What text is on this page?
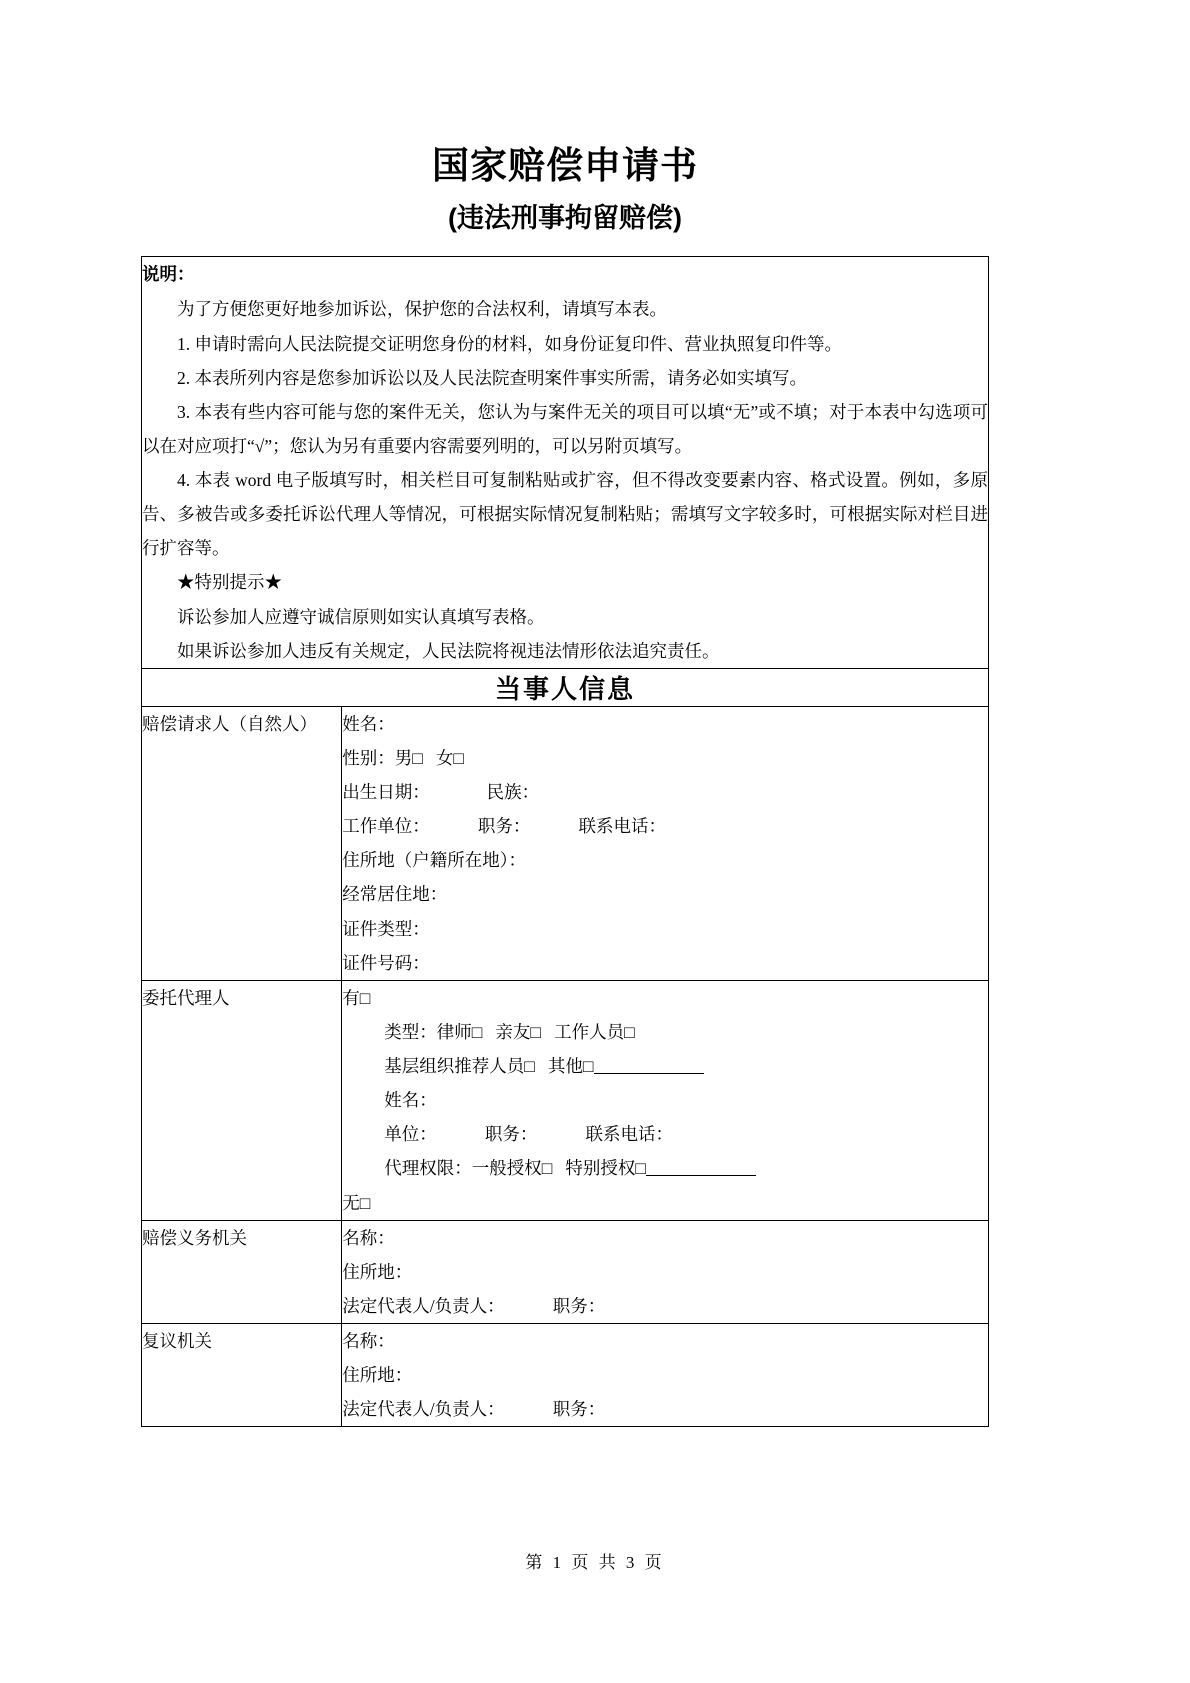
国家赔偿申请书
(违法刑事拘留赔偿)
说明：

为了方便您更好地参加诉讼，保护您的合法权利，请填写本表。

1. 申请时需向人民法院提交证明您身份的材料，如身份证复印件、营业执照复印件等。

2. 本表所列内容是您参加诉讼以及人民法院查明案件事实所需，请务必如实填写。

3. 本表有些内容可能与您的案件无关，您认为与案件无关的项目可以填“无”或不填；对于本表中勾选项可以在对应项打“√”；您认为另有重要内容需要列明的，可以另附页填写。

4. 本表 word 电子版填写时，相关栏目可复制粘贴或扩容，但不得改变要素内容、格式设置。例如，多原告、多被告或多委托诉讼代理人等情况，可根据实际情况复制粘贴；需填写文字较多时，可根据实际对栏目进行扩容等。

★特别提示★

诉讼参加人应遵守诚信原则如实认真填写表格。

如果诉讼参加人违反有关规定，人民法院将视违法情形依法追究责任。

当事人信息	
赔偿请求人（自然人）	姓名：
性别：男□   女□
出生日期：             民族：
工作单位：           职务：           联系电话：
住所地（户籍所在地）：
经常居住地：
证件类型：
证件号码：

委托代理人	有□
类型：律师□   亲友□   工作人员□
基层组织推荐人员□   其他□
姓名：
单位：           职务：           联系电话：
代理权限：一般授权□   特别授权□
无□

赔偿义务机关	名称：
住所地：
法定代表人/负责人：           职务：

复议机关	名称：
住所地：
法定代表人/负责人：           职务：
第 1 页 共 3 页
